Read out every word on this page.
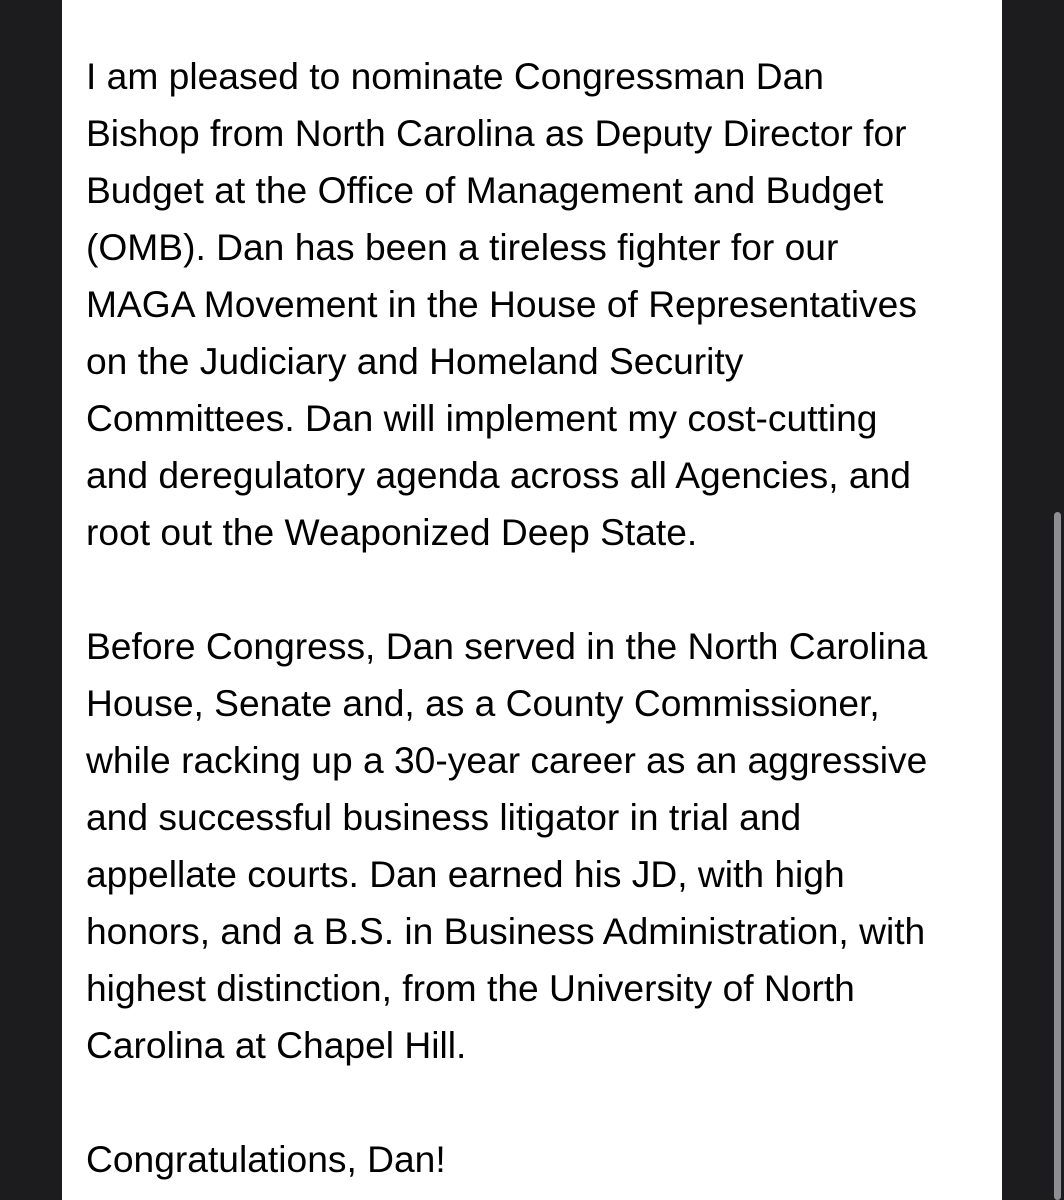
I am pleased to nominate Congressman Dan
Bishop from North Carolina as Deputy Director for
Budget at the Office of Management and Budget
(OMB). Dan has been a tireless fighter for our
MAGA Movement in the House of Representatives
on the Judiciary and Homeland Security
Committees. Dan will implement my cost-cutting
and deregulatory agenda across all Agencies, and
root out the Weaponized Deep State.

Before Congress, Dan served in the North Carolina
House, Senate and, as a County Commissioner,
while racking up a 30-year career as an aggressive
and successful business litigator in trial and
appellate courts. Dan earned his JD, with high
honors, and a B.S. in Business Administration, with
highest distinction, from the University of North
Carolina at Chapel Hill.

Congratulations, Dan!
